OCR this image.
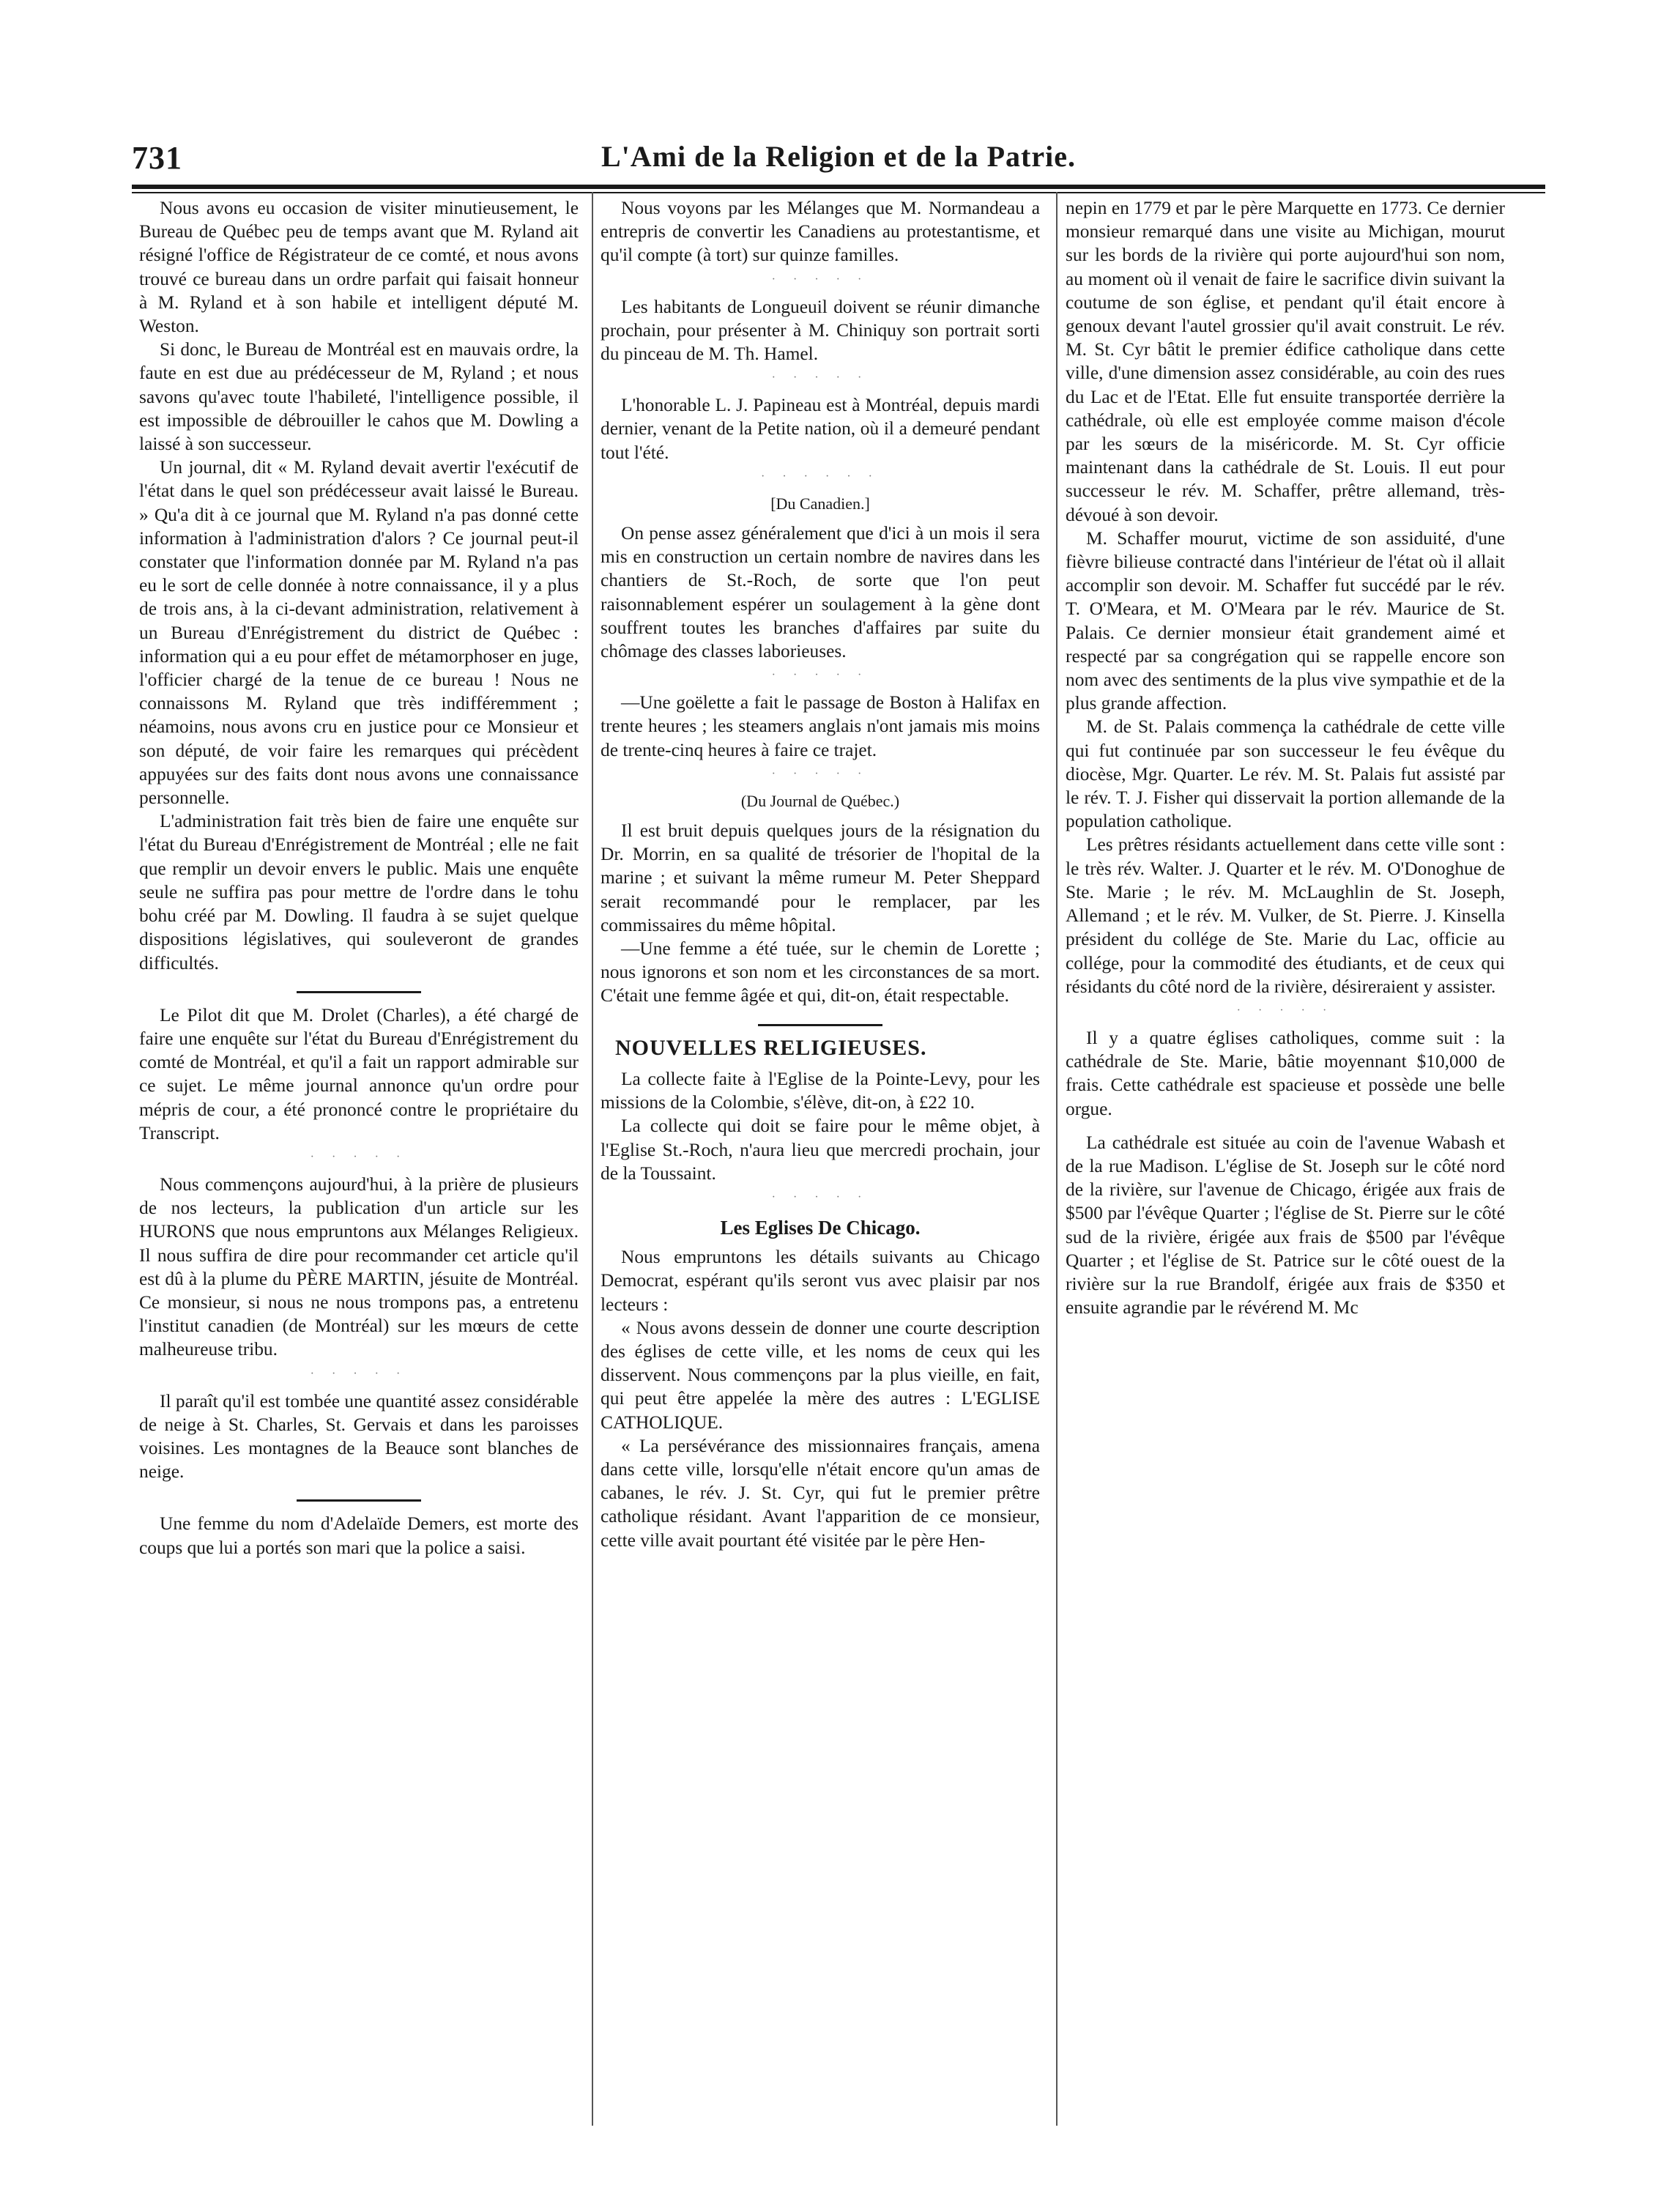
731	L'Ami de la Religion et de la Patrie.

Nous avons eu occasion de visiter minutieusement, le Bureau de Québec peu de temps avant que M. Ryland ait résigné l'office de Régistrateur de ce comté, et nous avons trouvé ce bureau dans un ordre parfait qui faisait honneur à M. Ryland et à son habile et intelligent député M. Weston.

Si donc, le Bureau de Montréal est en mauvais ordre, la faute en est due au prédécesseur de M, Ryland ; et nous savons qu'avec toute l'habileté, l'intelligence possible, il est impossible de débrouiller le cahos que M. Dowling a laissé à son successeur.

Un journal, dit « M. Ryland devait avertir l'exécutif de l'état dans le quel son prédécesseur avait laissé le Bureau. » Qu'a dit à ce journal que M. Ryland n'a pas donné cette information à l'administration d'alors ? Ce journal peut-il constater que l'information donnée par M. Ryland n'a pas eu le sort de celle donnée à notre connaissance, il y a plus de trois ans, à la ci-devant administration, relativement à un Bureau d'Enrégistrement du district de Québec : information qui a eu pour effet de métamorphoser en juge, l'officier chargé de la tenue de ce bureau ! Nous ne connaissons M. Ryland que très indifféremment ; néamoins, nous avons cru en justice pour ce Monsieur et son député, de voir faire les remarques qui précèdent appuyées sur des faits dont nous avons une connaissance personnelle.

L'administration fait très bien de faire une enquête sur l'état du Bureau d'Enrégistrement de Montréal ; elle ne fait que remplir un devoir envers le public. Mais une enquête seule ne suffira pas pour mettre de l'ordre dans le tohu bohu créé par M. Dowling. Il faudra à se sujet quelque dispositions législatives, qui souleveront de grandes difficultés.

Le Pilot dit que M. Drolet (Charles), a été chargé de faire une enquête sur l'état du Bureau d'Enrégistrement du comté de Montréal, et qu'il a fait un rapport admirable sur ce sujet. Le même journal annonce qu'un ordre pour mépris de cour, a été prononcé contre le propriétaire du Transcript.

· · · · ·

Nous commençons aujourd'hui, à la prière de plusieurs de nos lecteurs, la publication d'un article sur les HURONS que nous empruntons aux Mélanges Religieux. Il nous suffira de dire pour recommander cet article qu'il est dû à la plume du PÈRE MARTIN, jésuite de Montréal. Ce monsieur, si nous ne nous trompons pas, a entretenu l'institut canadien (de Montréal) sur les mœurs de cette malheureuse tribu.

· · · · ·

Il paraît qu'il est tombée une quantité assez considérable de neige à St. Charles, St. Gervais et dans les paroisses voisines. Les montagnes de la Beauce sont blanches de neige.

Une femme du nom d'Adelaïde Demers, est morte des coups que lui a portés son mari que la police a saisi.

Nous voyons par les Mélanges que M. Normandeau a entrepris de convertir les Canadiens au protestantisme, et qu'il compte (à tort) sur quinze familles.

· · · · ·

Les habitants de Longueuil doivent se réunir dimanche prochain, pour présenter à M. Chiniquy son portrait sorti du pinceau de M. Th. Hamel.

· · · · ·

L'honorable L. J. Papineau est à Montréal, depuis mardi dernier, venant de la Petite nation, où il a demeuré pendant tout l'été.

· · · · · ·
[Du Canadien.]

On pense assez généralement que d'ici à un mois il sera mis en construction un certain nombre de navires dans les chantiers de St.-Roch, de sorte que l'on peut raisonnablement espérer un soulagement à la gène dont souffrent toutes les branches d'affaires par suite du chômage des classes laborieuses.

· · · · ·

—Une goëlette a fait le passage de Boston à Halifax en trente heures ; les steamers anglais n'ont jamais mis moins de trente-cinq heures à faire ce trajet.

· · · · ·
(Du Journal de Québec.)

Il est bruit depuis quelques jours de la résignation du Dr. Morrin, en sa qualité de trésorier de l'hopital de la marine ; et suivant la même rumeur M. Peter Sheppard serait recommandé pour le remplacer, par les commissaires du même hôpital.

—Une femme a été tuée, sur le chemin de Lorette ; nous ignorons et son nom et les circonstances de sa mort. C'était une femme âgée et qui, dit-on, était respectable.

NOUVELLES RELIGIEUSES.

La collecte faite à l'Eglise de la Pointe-Levy, pour les missions de la Colombie, s'élève, dit-on, à £22 10.

La collecte qui doit se faire pour le même objet, à l'Eglise St.-Roch, n'aura lieu que mercredi prochain, jour de la Toussaint.

· · · · ·
Les Eglises De Chicago.

Nous empruntons les détails suivants au Chicago Democrat, espérant qu'ils seront vus avec plaisir par nos lecteurs :

« Nous avons dessein de donner une courte description des églises de cette ville, et les noms de ceux qui les disservent. Nous commençons par la plus vieille, en fait, qui peut être appelée la mère des autres : L'EGLISE CATHOLIQUE.

« La persévérance des missionnaires français, amena dans cette ville, lorsqu'elle n'était encore qu'un amas de cabanes, le rév. J. St. Cyr, qui fut le premier prêtre catholique résidant. Avant l'apparition de ce monsieur, cette ville avait pourtant été visitée par le père Hen-

nepin en 1779 et par le père Marquette en 1773. Ce dernier monsieur remarqué dans une visite au Michigan, mourut sur les bords de la rivière qui porte aujourd'hui son nom, au moment où il venait de faire le sacrifice divin suivant la coutume de son église, et pendant qu'il était encore à genoux devant l'autel grossier qu'il avait construit. Le rév. M. St. Cyr bâtit le premier édifice catholique dans cette ville, d'une dimension assez considérable, au coin des rues du Lac et de l'Etat. Elle fut ensuite transportée derrière la cathédrale, où elle est employée comme maison d'école par les sœurs de la miséricorde. M. St. Cyr officie maintenant dans la cathédrale de St. Louis. Il eut pour successeur le rév. M. Schaffer, prêtre allemand, très-dévoué à son devoir.

M. Schaffer mourut, victime de son assiduité, d'une fièvre bilieuse contracté dans l'intérieur de l'état où il allait accomplir son devoir. M. Schaffer fut succédé par le rév. T. O'Meara, et M. O'Meara par le rév. Maurice de St. Palais. Ce dernier monsieur était grandement aimé et respecté par sa congrégation qui se rappelle encore son nom avec des sentiments de la plus vive sympathie et de la plus grande affection.

M. de St. Palais commença la cathédrale de cette ville qui fut continuée par son successeur le feu évêque du diocèse, Mgr. Quarter. Le rév. M. St. Palais fut assisté par le rév. T. J. Fisher qui disservait la portion allemande de la population catholique.

Les prêtres résidants actuellement dans cette ville sont : le très rév. Walter. J. Quarter et le rév. M. O'Donoghue de Ste. Marie ; le rév. M. McLaughlin de St. Joseph, Allemand ; et le rév. M. Vulker, de St. Pierre. J. Kinsella président du collége de Ste. Marie du Lac, officie au collége, pour la commodité des étudiants, et de ceux qui résidants du côté nord de la rivière, désireraient y assister.

· · · · ·

Il y a quatre églises catholiques, comme suit : la cathédrale de Ste. Marie, bâtie moyennant $10,000 de frais. Cette cathédrale est spacieuse et possède une belle orgue.

La cathédrale est située au coin de l'avenue Wabash et de la rue Madison. L'église de St. Joseph sur le côté nord de la rivière, sur l'avenue de Chicago, érigée aux frais de $500 par l'évêque Quarter ; l'église de St. Pierre sur le côté sud de la rivière, érigée aux frais de $500 par l'évêque Quarter ; et l'église de St. Patrice sur le côté ouest de la rivière sur la rue Brandolf, érigée aux frais de $350 et ensuite agrandie par le révérend M. Mc
